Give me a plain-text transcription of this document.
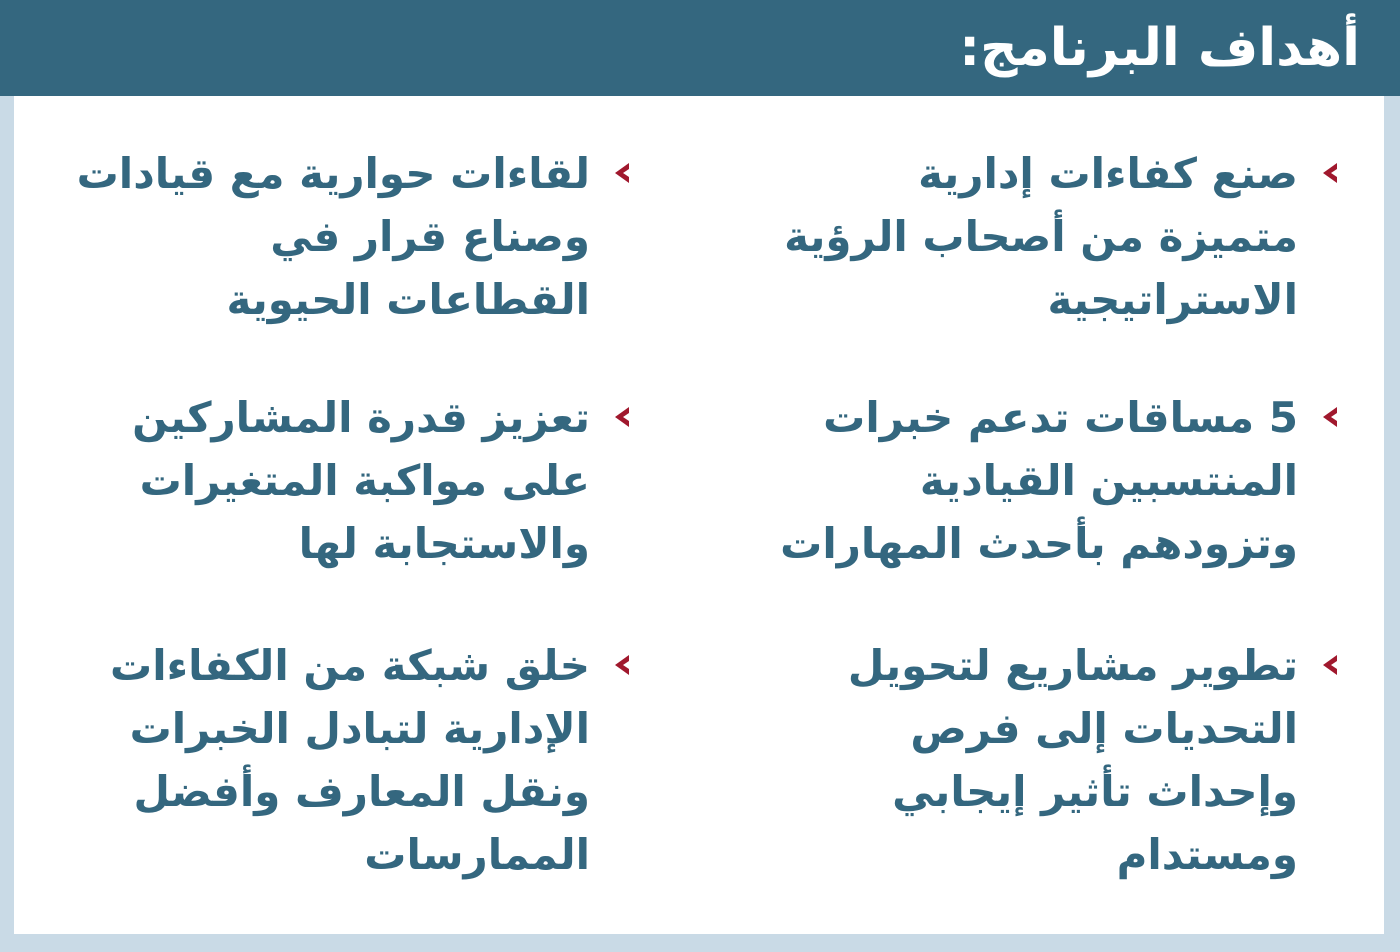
أهداف البرنامج:

صنع كفاءات إدارية متميزة من أصحاب الرؤية الاستراتيجية

5 مساقات تدعم خبرات المنتسبين القيادية وتزودهم بأحدث المهارات

تطوير مشاريع لتحويل التحديات إلى فرص وإحداث تأثير إيجابي ومستدام

لقاءات حوارية مع قيادات وصناع قرار في القطاعات الحيوية

تعزيز قدرة المشاركين على مواكبة المتغيرات والاستجابة لها

خلق شبكة من الكفاءات الإدارية لتبادل الخبرات ونقل المعارف وأفضل الممارسات
